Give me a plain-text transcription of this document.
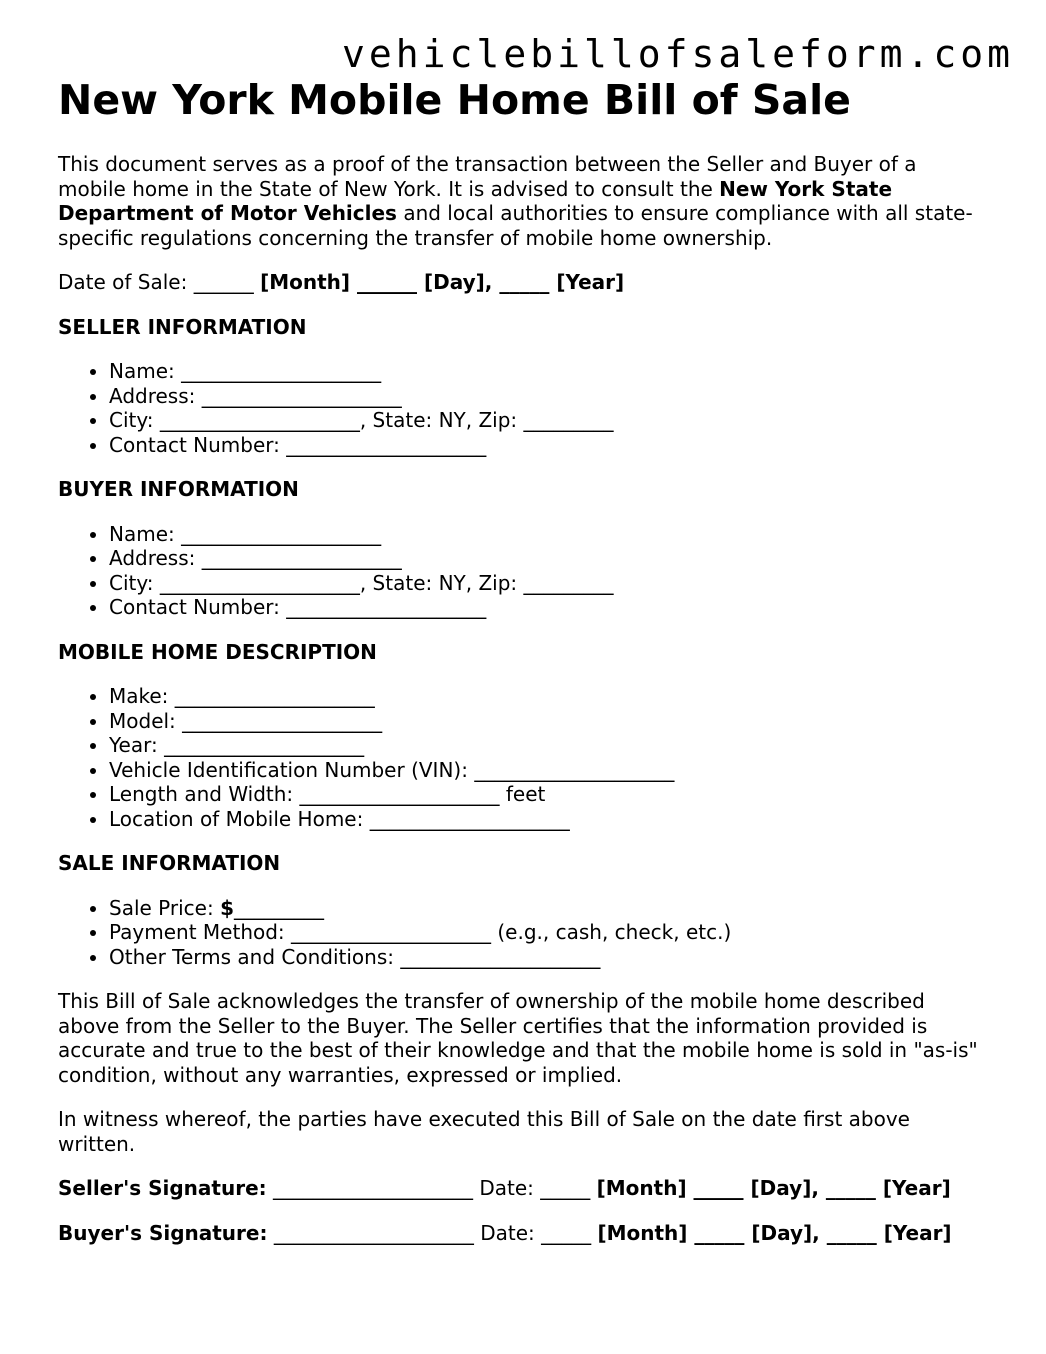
vehiclebillofsaleform.com
New York Mobile Home Bill of Sale

This document serves as a proof of the transaction between the Seller and Buyer of a mobile home in the State of New York. It is advised to consult the New York State Department of Motor Vehicles and local authorities to ensure compliance with all state-specific regulations concerning the transfer of mobile home ownership.

Date of Sale: ______ [Month] ______ [Day], _____ [Year]

SELLER INFORMATION
• Name: ____________________
• Address: ____________________
• City: ____________________, State: NY, Zip: _________
• Contact Number: ____________________
BUYER INFORMATION
• Name: ____________________
• Address: ____________________
• City: ____________________, State: NY, Zip: _________
• Contact Number: ____________________
MOBILE HOME DESCRIPTION
• Make: ____________________
• Model: ____________________
• Year: ____________________
• Vehicle Identification Number (VIN): ____________________
• Length and Width: ____________________ feet
• Location of Mobile Home: ____________________
SALE INFORMATION
• Sale Price: $_________
• Payment Method: ____________________ (e.g., cash, check, etc.)
• Other Terms and Conditions: ____________________

This Bill of Sale acknowledges the transfer of ownership of the mobile home described above from the Seller to the Buyer. The Seller certifies that the information provided is accurate and true to the best of their knowledge and that the mobile home is sold in "as-is" condition, without any warranties, expressed or implied.

In witness whereof, the parties have executed this Bill of Sale on the date first above written.

Seller's Signature: ____________________ Date: _____ [Month] _____ [Day], _____ [Year]

Buyer's Signature: ____________________ Date: _____ [Month] _____ [Day], _____ [Year]
